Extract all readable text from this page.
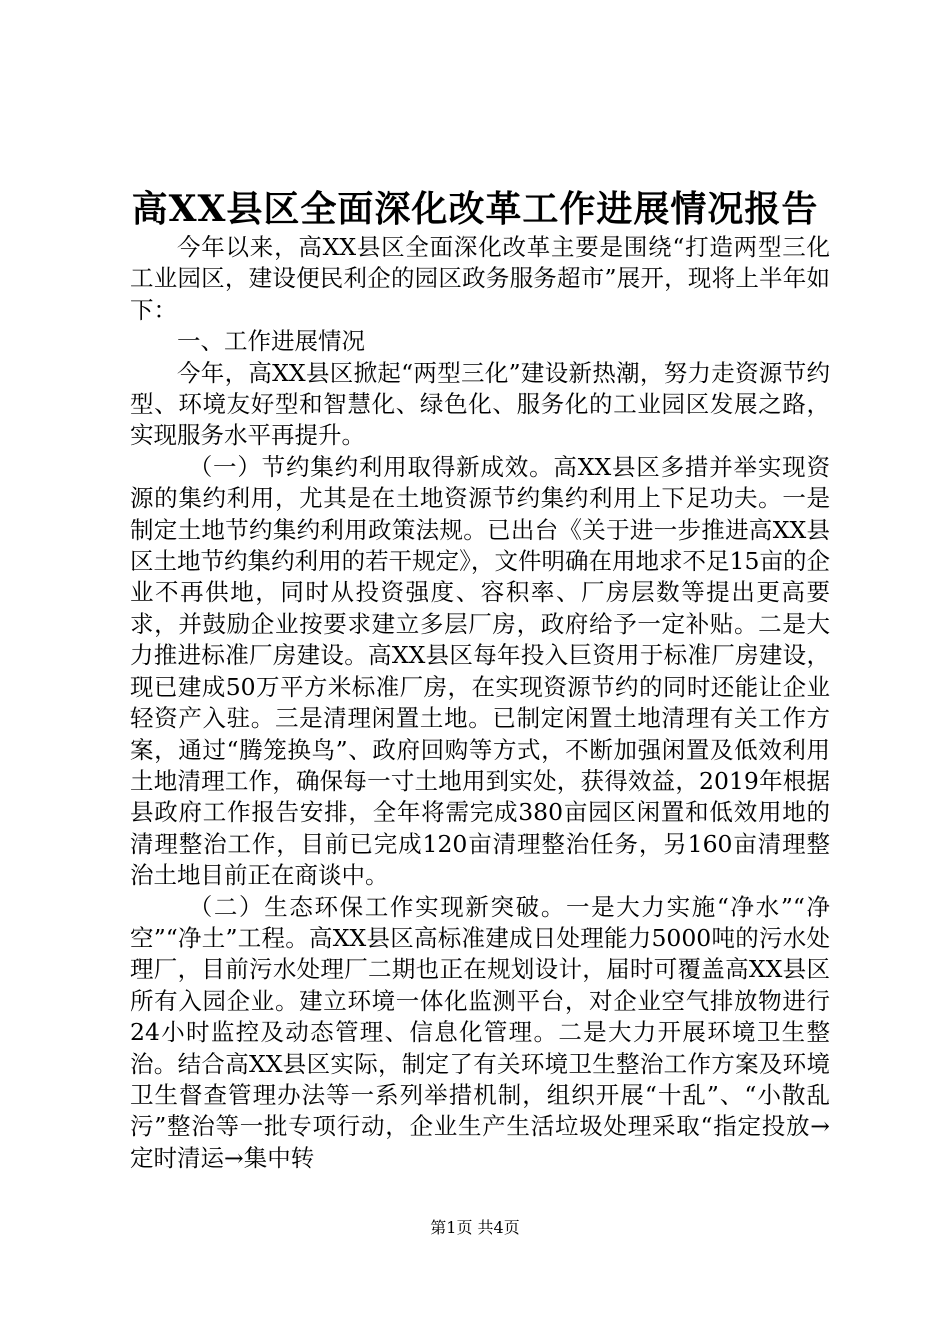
高XX县区全面深化改革工作进展情况报告

今年以来，高XX县区全面深化改革主要是围绕“打造两型三化工业园区，建设便民利企的园区政务服务超市”展开，现将上半年如下：

一、工作进展情况

今年，高XX县区掀起“两型三化”建设新热潮，努力走资源节约型、环境友好型和智慧化、绿色化、服务化的工业园区发展之路，实现服务水平再提升。

（一）节约集约利用取得新成效。高XX县区多措并举实现资源的集约利用，尤其是在土地资源节约集约利用上下足功夫。一是制定土地节约集约利用政策法规。已出台《关于进一步推进高XX县区土地节约集约利用的若干规定》，文件明确在用地求不足15亩的企业不再供地，同时从投资强度、容积率、厂房层数等提出更高要求，并鼓励企业按要求建立多层厂房，政府给予一定补贴。二是大力推进标准厂房建设。高XX县区每年投入巨资用于标准厂房建设，现已建成50万平方米标准厂房，在实现资源节约的同时还能让企业轻资产入驻。三是清理闲置土地。已制定闲置土地清理有关工作方案，通过“腾笼换鸟”、政府回购等方式，不断加强闲置及低效利用土地清理工作，确保每一寸土地用到实处，获得效益，2019年根据县政府工作报告安排，全年将需完成380亩园区闲置和低效用地的清理整治工作，目前已完成120亩清理整治任务，另160亩清理整治土地目前正在商谈中。

（二）生态环保工作实现新突破。一是大力实施“净水”“净空”“净土”工程。高XX县区高标准建成日处理能力5000吨的污水处理厂，目前污水处理厂二期也正在规划设计，届时可覆盖高XX县区所有入园企业。建立环境一体化监测平台，对企业空气排放物进行24小时监控及动态管理、信息化管理。二是大力开展环境卫生整治。结合高XX县区实际，制定了有关环境卫生整治工作方案及环境卫生督查管理办法等一系列举措机制，组织开展“十乱”、“小散乱污”整治等一批专项行动，企业生产生活垃圾处理采取“指定投放→定时清运→集中转

第1页 共4页
